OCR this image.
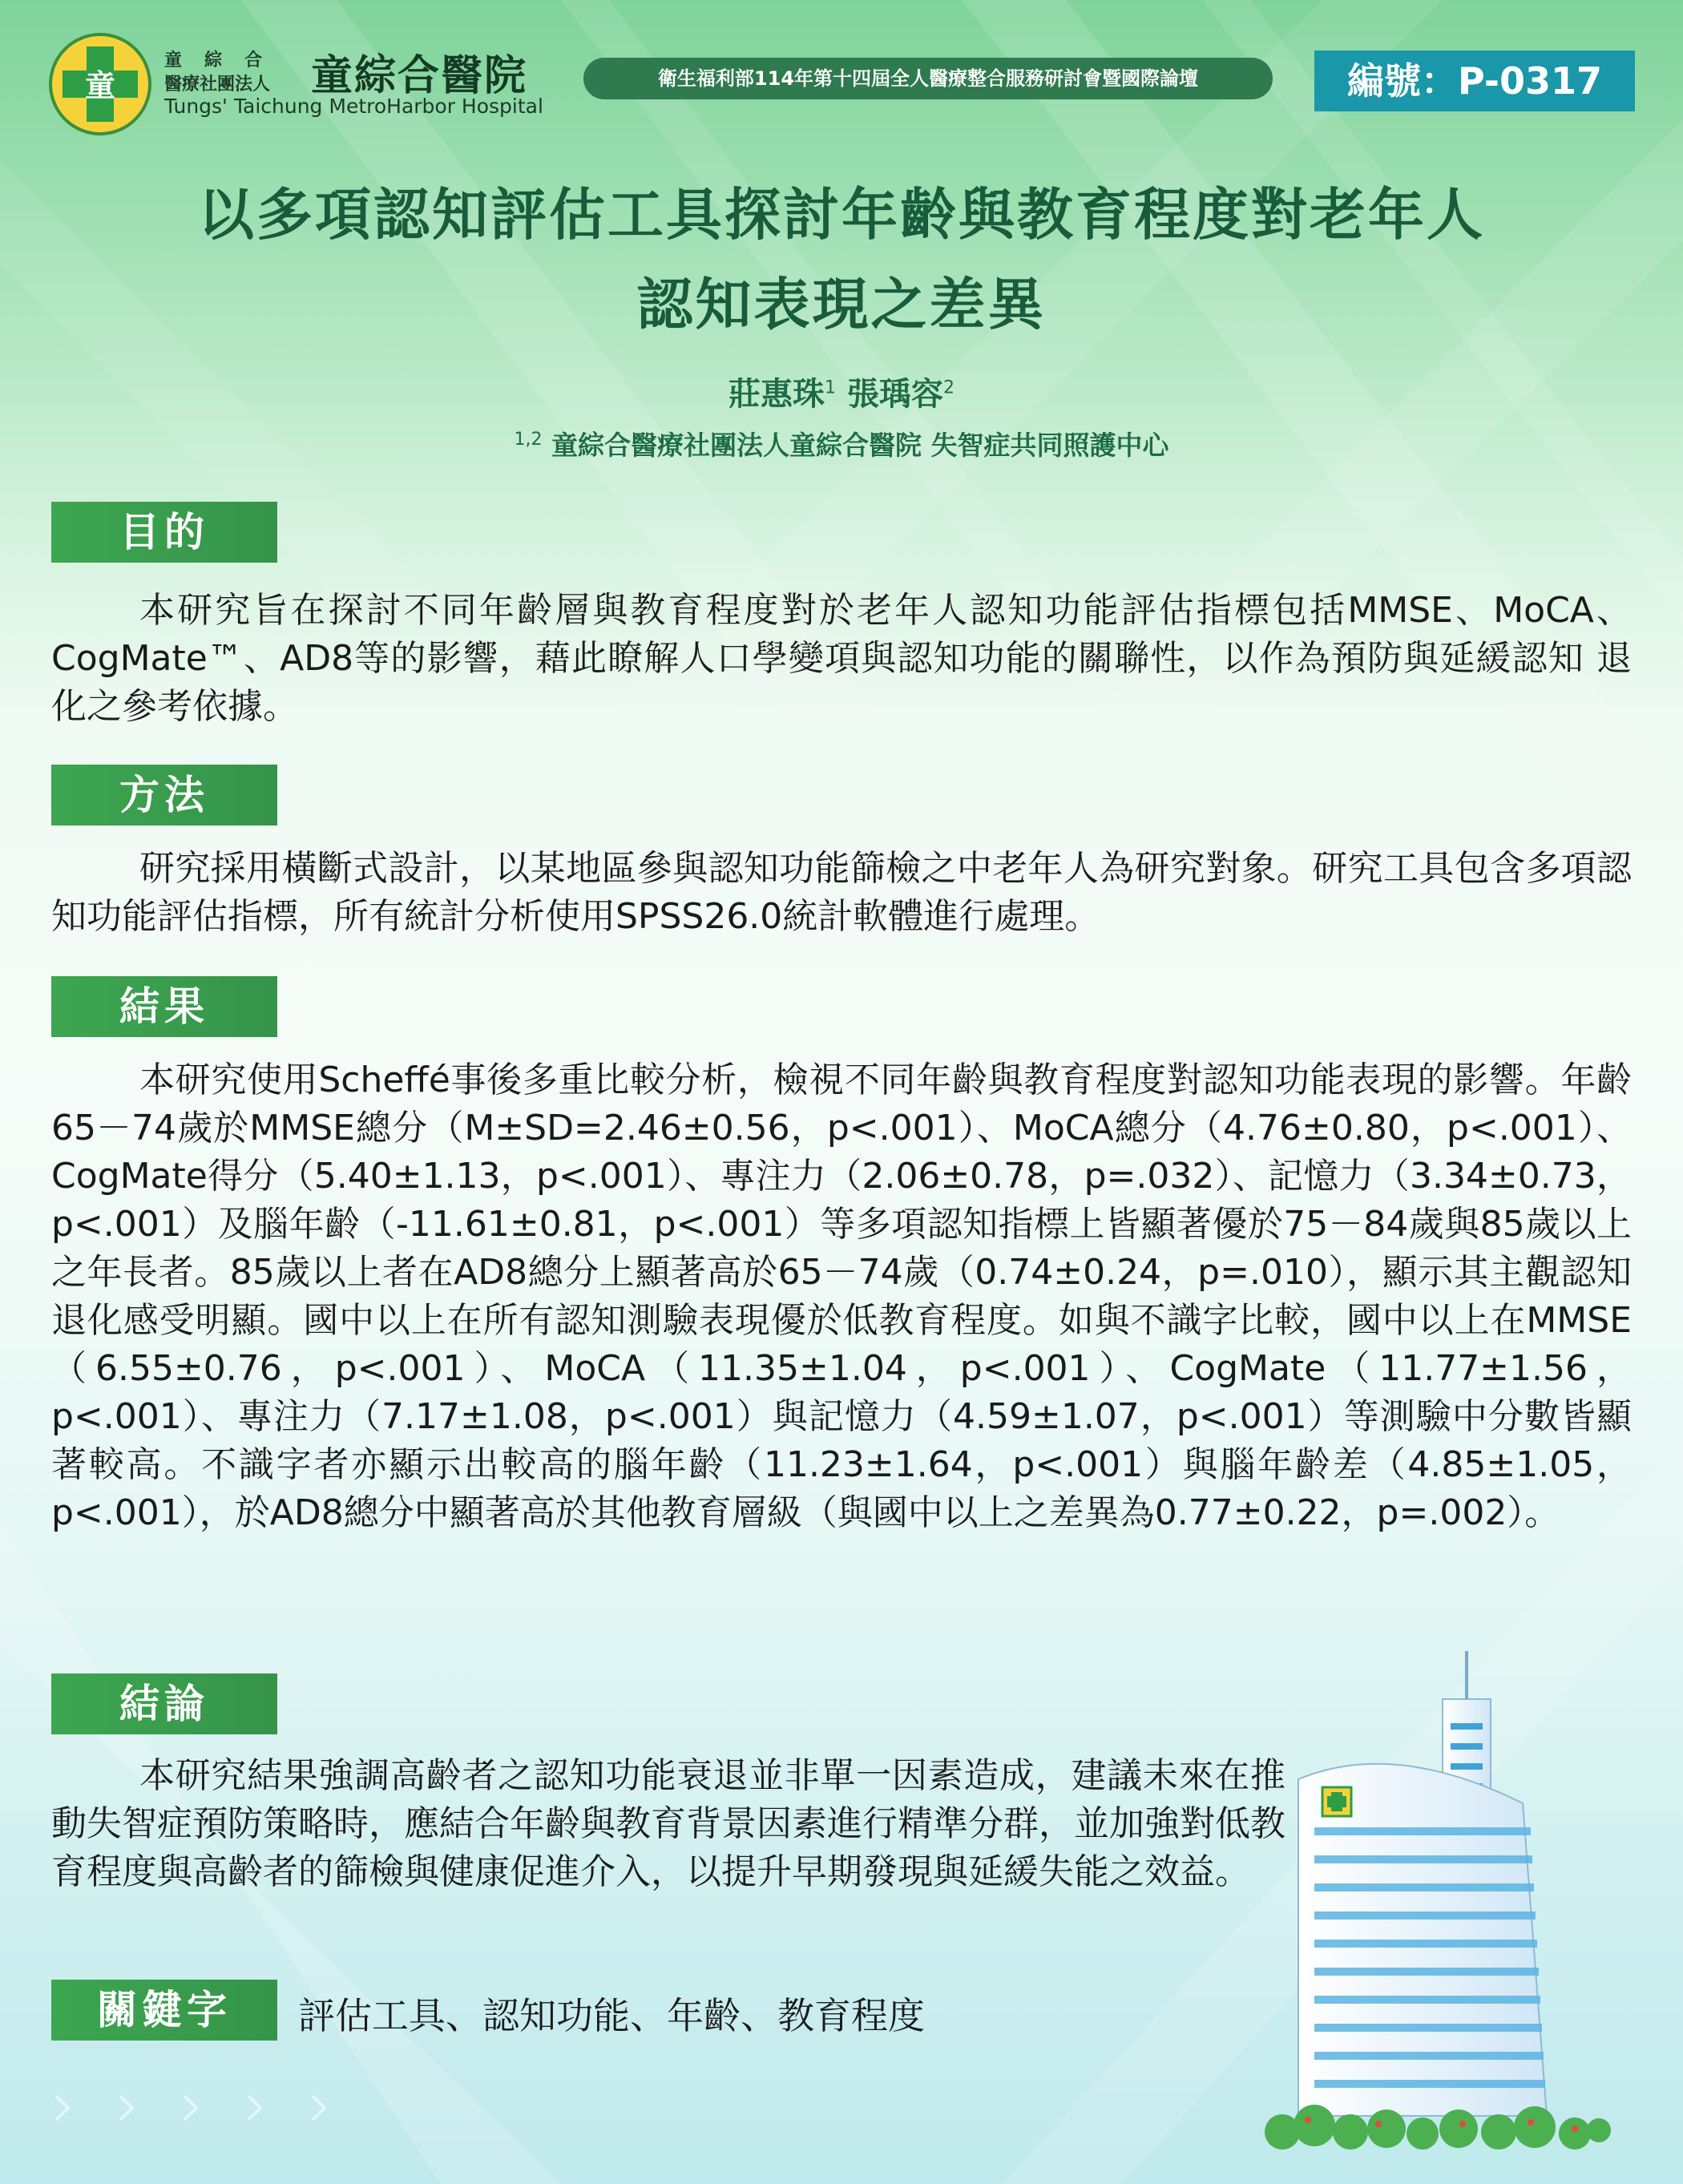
童
童綜合
醫療社團法人 童綜合醫院
Tungs' Taichung MetroHarbor Hospital
衛生福利部114年第十四屆全人醫療整合服務研討會暨國際論壇	編號：P-0317
以多項認知評估工具探討年齡與教育程度對老年人
認知表現之差異
莊惠珠$^1$ 張瑀容$^2$
$^{1,2}$ 童綜合醫療社團法人童綜合醫院 失智症共同照護中心
目的

本研究旨在探討不同年齡層與教育程度對於老年人認知功能評估指標包括MMSE、MoCA、CogMate™、AD8等的影響，藉此瞭解人口學變項與認知功能的關聯性，以作為預防與延緩認知 退化之參考依據。

方法

研究採用橫斷式設計，以某地區參與認知功能篩檢之中老年人為研究對象。研究工具包含多項認知功能評估指標，所有統計分析使用SPSS26.0統計軟體進行處理。

結果

本研究使用Scheffé事後多重比較分析，檢視不同年齡與教育程度對認知功能表現的影響。年齡65－74歲於MMSE總分（M±SD=2.46±0.56，p<.001）、MoCA總分（4.76±0.80，p<.001）、CogMate得分（5.40±1.13，p<.001）、專注力（2.06±0.78，p=.032）、記憶力（3.34±0.73，p<.001）及腦年齡（-11.61±0.81，p<.001）等多項認知指標上皆顯著優於75－84歲與85歲以上之年長者。85歲以上者在AD8總分上顯著高於65－74歲（0.74±0.24，p=.010），顯示其主觀認知退化感受明顯。國中以上在所有認知測驗表現優於低教育程度。如與不識字比較，國中以上在MMSE（6.55±0.76，p<.001）、MoCA（11.35±1.04，p<.001）、CogMate（11.77±1.56，p<.001）、專注力（7.17±1.08，p<.001）與記憶力（4.59±1.07，p<.001）等測驗中分數皆顯著較高。不識字者亦顯示出較高的腦年齡（11.23±1.64，p<.001）與腦年齡差（4.85±1.05，p<.001），於AD8總分中顯著高於其他教育層級（與國中以上之差異為0.77±0.22，p=.002）。

結論

本研究結果強調高齡者之認知功能衰退並非單一因素造成，建議未來在推動失智症預防策略時，應結合年齡與教育背景因素進行精準分群，並加強對低教育程度與高齡者的篩檢與健康促進介入，以提升早期發現與延緩失能之效益。

關鍵字	評估工具、認知功能、年齡、教育程度
